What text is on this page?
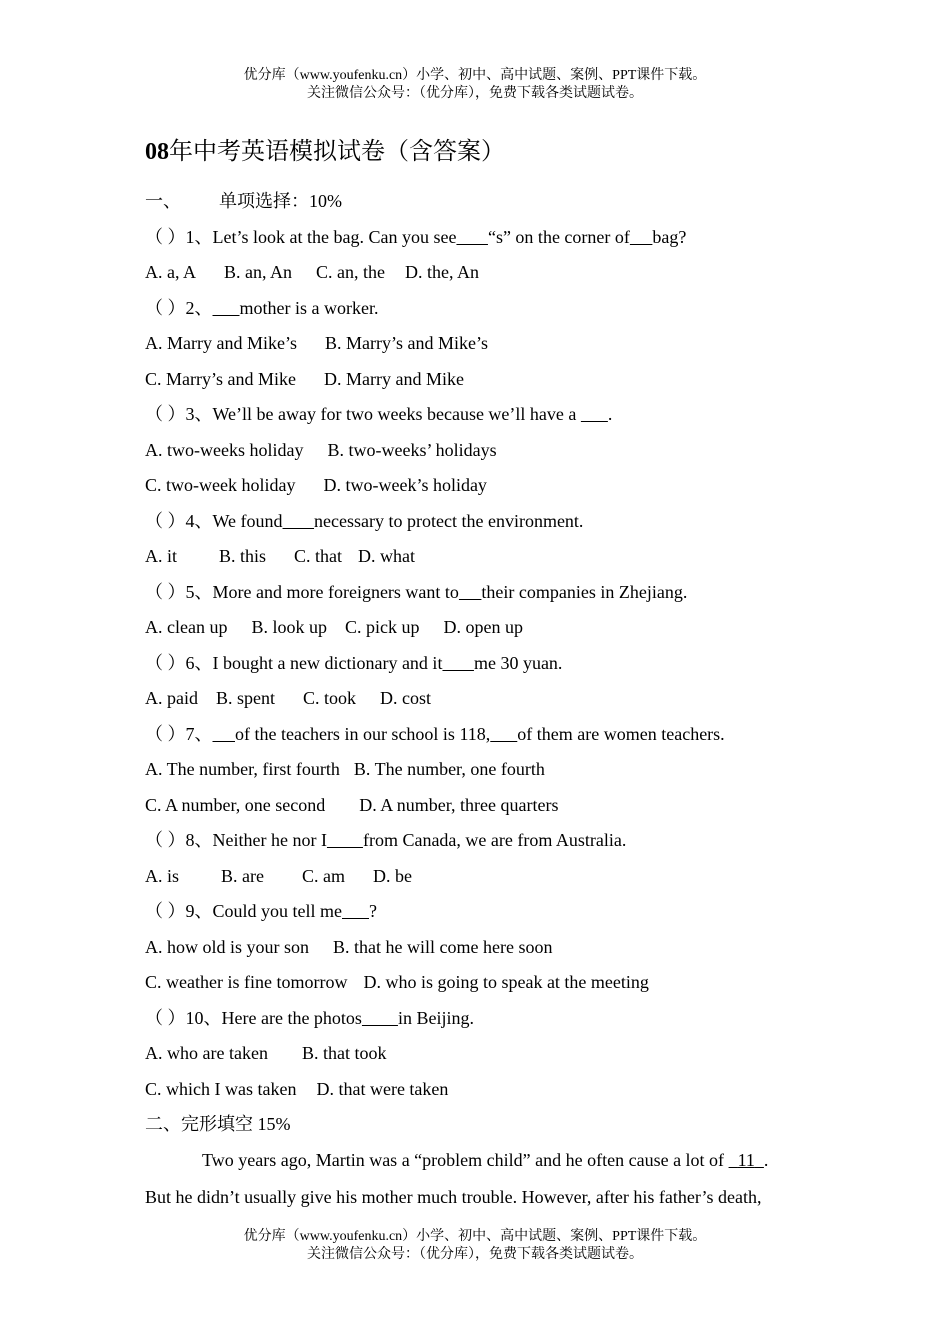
优分库（www.youfenku.cn）小学、初中、高中试题、案例、PPT课件下载。
关注微信公众号：（优分库），免费下载各类试题试卷。
08年中考英语模拟试卷（含答案）
一、 单项选择：10%
（ ）1、Let’s look at the bag. Can you see “s” on the corner of bag?
A. a, A B. an, An C. an, the D. the, An
（ ）2、 mother is a worker.
A. Marry and Mike’s B. Marry’s and Mike’s
C. Marry’s and Mike D. Marry and Mike
（ ）3、We’ll be away for two weeks because we’ll have a .
A. two-weeks holiday B. two-weeks’ holidays
C. two-week holiday D. two-week’s holiday
（ ）4、We found necessary to protect the environment.
A. it B. this C. that D. what
（ ）5、More and more foreigners want to their companies in Zhejiang.
A. clean up B. look up C. pick up D. open up
（ ）6、I bought a new dictionary and it me 30 yuan.
A. paid B. spent C. took D. cost
（ ）7、 of the teachers in our school is 118, of them are women teachers.
A. The number, first fourth B. The number, one fourth
C. A number, one second D. A number, three quarters
（ ）8、Neither he nor I from Canada, we are from Australia.
A. is B. are C. am D. be
（ ）9、Could you tell me ?
A. how old is your son B. that he will come here soon
C. weather is fine tomorrow D. who is going to speak at the meeting
（ ）10、Here are the photos in Beijing.
A. who are taken B. that took
C. which I was taken D. that were taken
二、完形填空 15%
Two years ago, Martin was a “problem child” and he often cause a lot of 11 .
But he didn’t usually give his mother much trouble. However, after his father’s death,
优分库（www.youfenku.cn）小学、初中、高中试题、案例、PPT课件下载。
关注微信公众号：（优分库），免费下载各类试题试卷。
